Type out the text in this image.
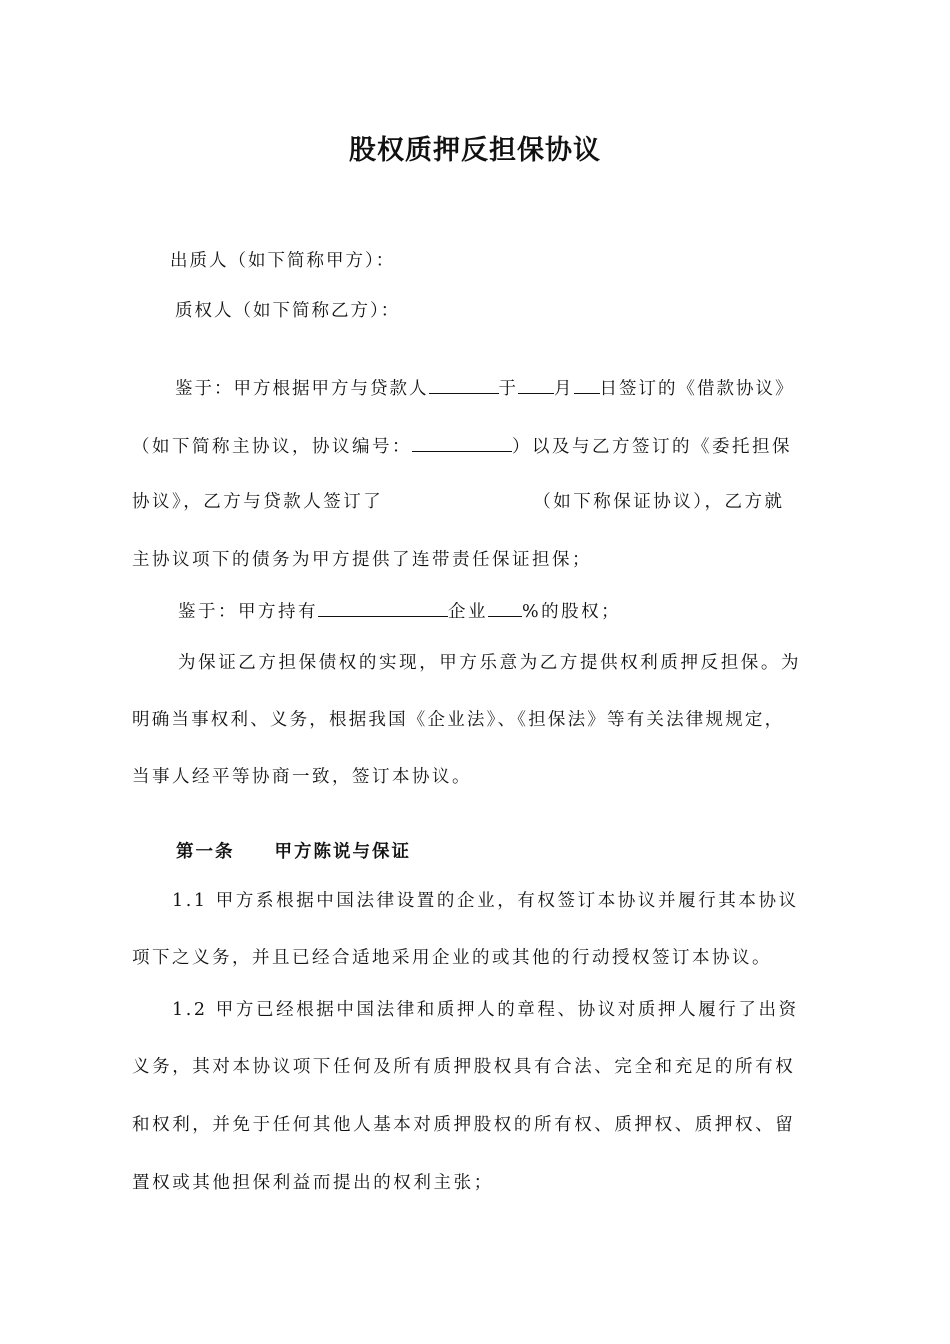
股权质押反担保协议
出质人（如下简称甲方）：
质权人（如下简称乙方）：
鉴于：甲方根据甲方与贷款人	于 月 日签订的《借款协议》
（如下简称主协议，协议编号：	）以及与乙方签订的《委托担保
协议》，乙方与贷款人签订了	（如下称保证协议），乙方就
主协议项下的债务为甲方提供了连带责任保证担保；
鉴于：甲方持有	企业 %的股权；
为保证乙方担保债权的实现，甲方乐意为乙方提供权利质押反担保。为
明确当事权利、义务，根据我国《企业法》、《担保法》等有关法律规规定，
当事人经平等协商一致，签订本协议。
第一条 甲方陈说与保证
1.1 甲方系根据中国法律设置的企业，有权签订本协议并履行其本协议
项下之义务，并且已经合适地采用企业的或其他的行动授权签订本协议。
1.2 甲方已经根据中国法律和质押人的章程、协议对质押人履行了出资
义务，其对本协议项下任何及所有质押股权具有合法、完全和充足的所有权
和权利，并免于任何其他人基本对质押股权的所有权、质押权、质押权、留
置权或其他担保利益而提出的权利主张；
